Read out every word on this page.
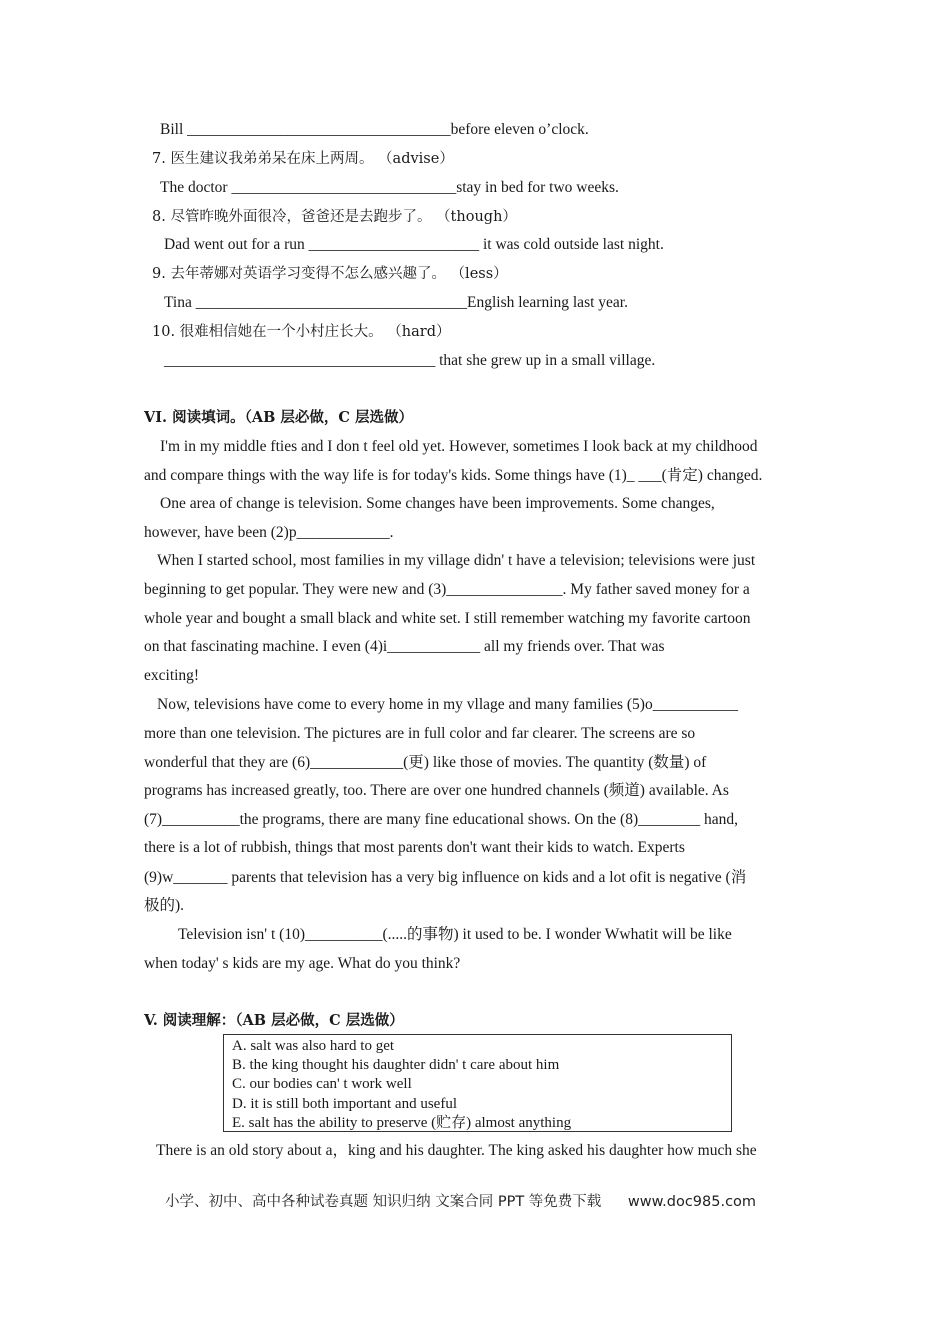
Bill __________________________________before eleven o’clock.
7. 医生建议我弟弟呆在床上两周。 （advise）
The doctor _____________________________stay in bed for two weeks.
8. 尽管昨晚外面很冷，爸爸还是去跑步了。 （though）
Dad went out for a run ______________________ it was cold outside last night.
9. 去年蒂娜对英语学习变得不怎么感兴趣了。 （less）
Tina ___________________________________English learning last year.
10. 很难相信她在一个小村庄长大。 （hard）
___________________________________ that she grew up in a small village.
VI. 阅读填词。（AB 层必做，C 层选做）
I'm in my middle fties and I don t feel old yet. However, sometimes I look back at my childhood
and compare things with the way life is for today's kids. Some things have (1)_ ___(肯定) changed.
One area of change is television. Some changes have been improvements. Some changes,
however, have been (2)p____________.
When I started school, most families in my village didn' t have a television; televisions were just
beginning to get popular. They were new and (3)_______________. My father saved money for a
whole year and bought a small black and white set. I still remember watching my favorite cartoon
on that fascinating machine. I even (4)i____________ all my friends over. That was
exciting!
Now, televisions have come to every home in my vllage and many families (5)o___________
more than one television. The pictures are in full color and far clearer. The screens are so
wonderful that they are (6)____________(更) like those of movies. The quantity (数量) of
programs has increased greatly, too. There are over one hundred channels (频道) available. As
(7)__________the programs, there are many fine educational shows. On the (8)________ hand,
there is a lot of rubbish, things that most parents don't want their kids to watch. Experts
(9)w_______ parents that television has a very big influence on kids and a lot ofit is negative (消
极的).
Television isn' t (10)__________(.....的事物) it used to be. I wonder Wwhatit will be like
when today' s kids are my age. What do you think?
V. 阅读理解：（AB 层必做，C 层选做）
A. salt was also hard to get
B. the king thought his daughter didn' t care about him
C. our bodies can' t work well
D. it is still both important and useful
E. salt has the ability to preserve (贮存) almost anything
There is an old story about a，king and his daughter. The king asked his daughter how much she
小学、初中、高中各种试卷真题 知识归纳 文案合同 PPT 等免费下载 www.doc985.com
